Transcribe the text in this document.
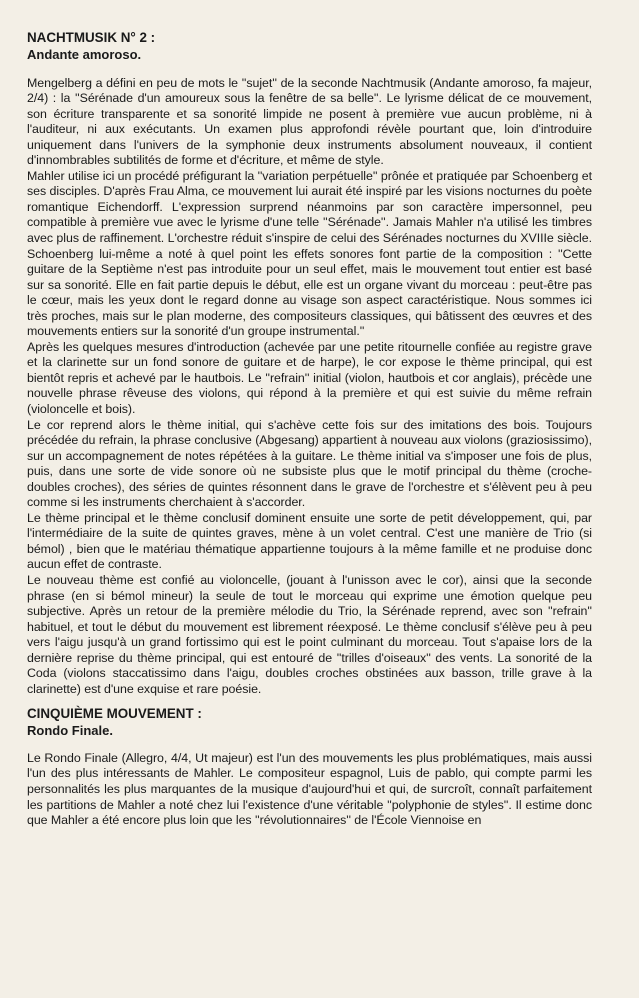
NACHTMUSIK N° 2 :

Andante amoroso.

Mengelberg a défini en peu de mots le ''sujet'' de la seconde Nachtmusik (Andante amoroso, fa majeur, 2/4) : la ''Sérénade d'un amoureux sous la fenêtre de sa belle''. Le lyrisme délicat de ce mouvement, son écriture transparente et sa sonorité limpide ne posent à première vue aucun problème, ni à l'auditeur, ni aux exécutants. Un examen plus approfondi révèle pourtant que, loin d'introduire uniquement dans l'univers de la symphonie deux instruments absolument nouveaux, il contient d'innombrables subtilités de forme et d'écriture, et même de style.

Mahler utilise ici un procédé préfigurant la ''variation perpétuelle'' prônée et pratiquée par Schoenberg et ses disciples. D'après Frau Alma, ce mouvement lui aurait été inspiré par les visions nocturnes du poète romantique Eichendorff. L'expression surprend néanmoins par son caractère impersonnel, peu compatible à première vue avec le lyrisme d'une telle ''Sérénade''. Jamais Mahler n'a utilisé les timbres avec plus de raffinement. L'orchestre réduit s'inspire de celui des Sérénades nocturnes du XVIIIe siècle. Schoenberg lui-même a noté à quel point les effets sonores font partie de la composition : ''Cette guitare de la Septième n'est pas introduite pour un seul effet, mais le mouvement tout entier est basé sur sa sonorité. Elle en fait partie depuis le début, elle est un organe vivant du morceau : peut-être pas le cœur, mais les yeux dont le regard donne au visage son aspect caractéristique. Nous sommes ici très proches, mais sur le plan moderne, des compositeurs classiques, qui bâtissent des œuvres et des mouvements entiers sur la sonorité d'un groupe instrumental.''

Après les quelques mesures d'introduction (achevée par une petite ritournelle confiée au registre grave et la clarinette sur un fond sonore de guitare et de harpe), le cor expose le thème principal, qui est bientôt repris et achevé par le hautbois. Le ''refrain'' initial (violon, hautbois et cor anglais), précède une nouvelle phrase rêveuse des violons, qui répond à la première et qui est suivie du même refrain (violoncelle et bois).

Le cor reprend alors le thème initial, qui s'achève cette fois sur des imitations des bois. Toujours précédée du refrain, la phrase conclusive (Abgesang) appartient à nouveau aux violons (graziosissimo), sur un accompagnement de notes répétées à la guitare. Le thème initial va s'imposer une fois de plus, puis, dans une sorte de vide sonore où ne subsiste plus que le motif principal du thème (croche-doubles croches), des séries de quintes résonnent dans le grave de l'orchestre et s'élèvent peu à peu comme si les instruments cherchaient à s'accorder.

Le thème principal et le thème conclusif dominent ensuite une sorte de petit développement, qui, par l'intermédiaire de la suite de quintes graves, mène à un volet central. C'est une manière de Trio (si bémol) , bien que le matériau thématique appartienne toujours à la même famille et ne produise donc aucun effet de contraste.

Le nouveau thème est confié au violoncelle, (jouant à l'unisson avec le cor), ainsi que la seconde phrase (en si bémol mineur) la seule de tout le morceau qui exprime une émotion quelque peu subjective. Après un retour de la première mélodie du Trio, la Sérénade reprend, avec son ''refrain'' habituel, et tout le début du mouvement est librement réexposé. Le thème conclusif s'élève peu à peu vers l'aigu jusqu'à un grand fortissimo qui est le point culminant du morceau. Tout s'apaise lors de la dernière reprise du thème principal, qui est entouré de ''trilles d'oiseaux'' des vents. La sonorité de la Coda (violons staccatissimo dans l'aigu, doubles croches obstinées aux basson, trille grave à la clarinette) est d'une exquise et rare poésie.

CINQUIÈME MOUVEMENT :

Rondo Finale.

Le Rondo Finale (Allegro, 4/4, Ut majeur) est l'un des mouvements les plus problématiques, mais aussi l'un des plus intéressants de Mahler. Le compositeur espagnol, Luis de pablo, qui compte parmi les personnalités les plus marquantes de la musique d'aujourd'hui et qui, de surcroît, connaît parfaitement les partitions de Mahler a noté chez lui l'existence d'une véritable ''polyphonie de styles''. Il estime donc que Mahler a été encore plus loin que les ''révolutionnaires'' de l'École Viennoise en
